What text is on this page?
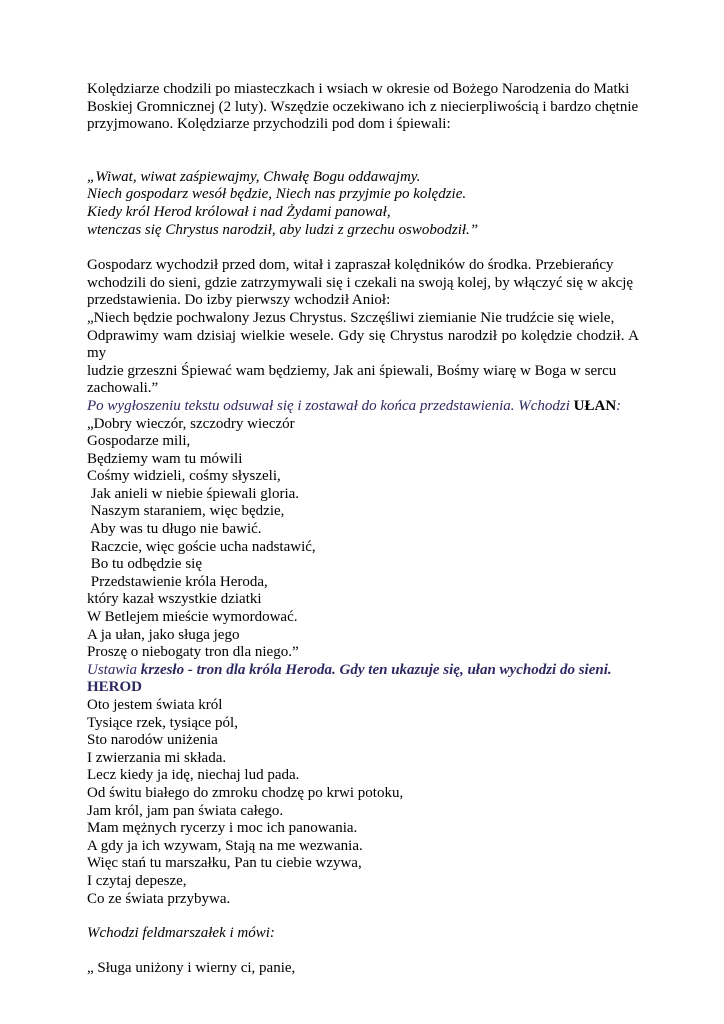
Kolędziarze chodzili po miasteczkach i wsiach w okresie od Bożego Narodzenia do Matki
Boskiej Gromnicznej (2 luty). Wszędzie oczekiwano ich z niecierpliwością i bardzo chętnie
przyjmowano. Kolędziarze przychodzili pod dom i śpiewali:

„Wiwat, wiwat zaśpiewajmy, Chwałę Bogu oddawajmy.
Niech gospodarz wesół będzie, Niech nas przyjmie po kolędzie.
Kiedy król Herod królował i nad Żydami panował,
wtenczas się Chrystus narodził, aby ludzi z grzechu oswobodził.”

Gospodarz wychodził przed dom, witał i zapraszał kolędników do środka. Przebierańcy
wchodzili do sieni, gdzie zatrzymywali się i czekali na swoją kolej, by włączyć się w akcję
przedstawienia. Do izby pierwszy wchodził Anioł:
„Niech będzie pochwalony Jezus Chrystus. Szczęśliwi ziemianie Nie trudźcie się wiele,
Odprawimy wam dzisiaj wielkie wesele. Gdy się Chrystus narodził po kolędzie chodził. A my
ludzie grzeszni Śpiewać wam będziemy, Jak ani śpiewali, Bośmy wiarę w Boga w sercu
zachowali.”

Po wygłoszeniu tekstu odsuwał się i zostawał do końca przedstawienia. Wchodzi UŁAN:
„Dobry wieczór, szczodry wieczór
Gospodarze mili,
Będziemy wam tu mówili
Cośmy widzieli, cośmy słyszeli,
Jak anieli w niebie śpiewali gloria.
Naszym staraniem, więc będzie,
Aby was tu długo nie bawić.
Raczcie, więc goście ucha nadstawić,
Bo tu odbędzie się
Przedstawienie króla Heroda,
który kazał wszystkie dziatki
W Betlejem mieście wymordować.
A ja ułan, jako sługa jego
Proszę o niebogaty tron dla niego.”
Ustawia krzesło - tron dla króla Heroda. Gdy ten ukazuje się, ułan wychodzi do sieni.
HEROD
Oto jestem świata król
Tysiące rzek, tysiące pól,
Sto narodów uniżenia
I zwierzania mi składa.
Lecz kiedy ja idę, niechaj lud pada.
Od świtu białego do zmroku chodzę po krwi potoku,
Jam król, jam pan świata całego.
Mam mężnych rycerzy i moc ich panowania.
A gdy ja ich wzywam, Stają na me wezwania.
Więc stań tu marszałku, Pan tu ciebie wzywa,
I czytaj depesze,
Co ze świata przybywa.
Wchodzi feldmarszałek i mówi:
„ Sługa uniżony i wierny ci, panie,
